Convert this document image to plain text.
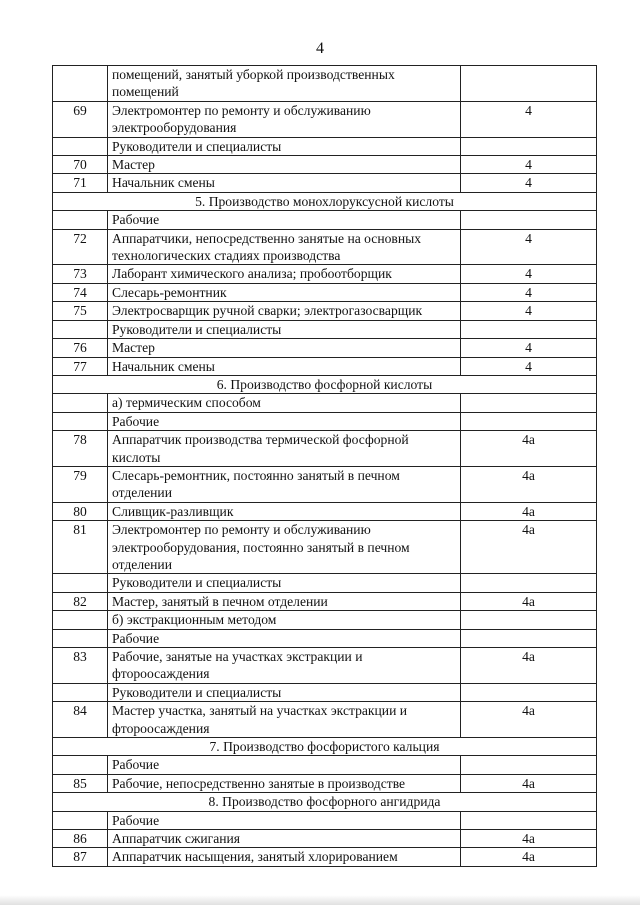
4
	помещений, занятый уборкой производственных помещений	
69	Электромонтер по ремонту и обслуживанию электрооборудования	4
	Руководители и специалисты	
70	Мастер	4
71	Начальник смены	4
5. Производство монохлоруксусной кислоты		
	Рабочие	
72	Аппаратчики, непосредственно занятые на основных технологических стадиях производства	4
73	Лаборант химического анализа; пробоотборщик	4
74	Слесарь-ремонтник	4
75	Электросварщик ручной сварки; электрогазосварщик	4
	Руководители и специалисты	
76	Мастер	4
77	Начальник смены	4
6. Производство фосфорной кислоты		
	а) термическим способом	
	Рабочие	
78	Аппаратчик производства термической фосфорной кислоты	4а
79	Слесарь-ремонтник, постоянно занятый в печном отделении	4а
80	Сливщик-разливщик	4а
81	Электромонтер по ремонту и обслуживанию электрооборудования, постоянно занятый в печном отделении	4а
	Руководители и специалисты	
82	Мастер, занятый в печном отделении	4а
	б) экстракционным методом	
	Рабочие	
83	Рабочие, занятые на участках экстракции и фтороосаждения	4а
	Руководители и специалисты	
84	Мастер участка, занятый на участках экстракции и фтороосаждения	4а
7. Производство фосфористого кальция		
	Рабочие	
85	Рабочие, непосредственно занятые в производстве	4а
8. Производство фосфорного ангидрида		
	Рабочие	
86	Аппаратчик сжигания	4а
87	Аппаратчик насыщения, занятый хлорированием	4а
